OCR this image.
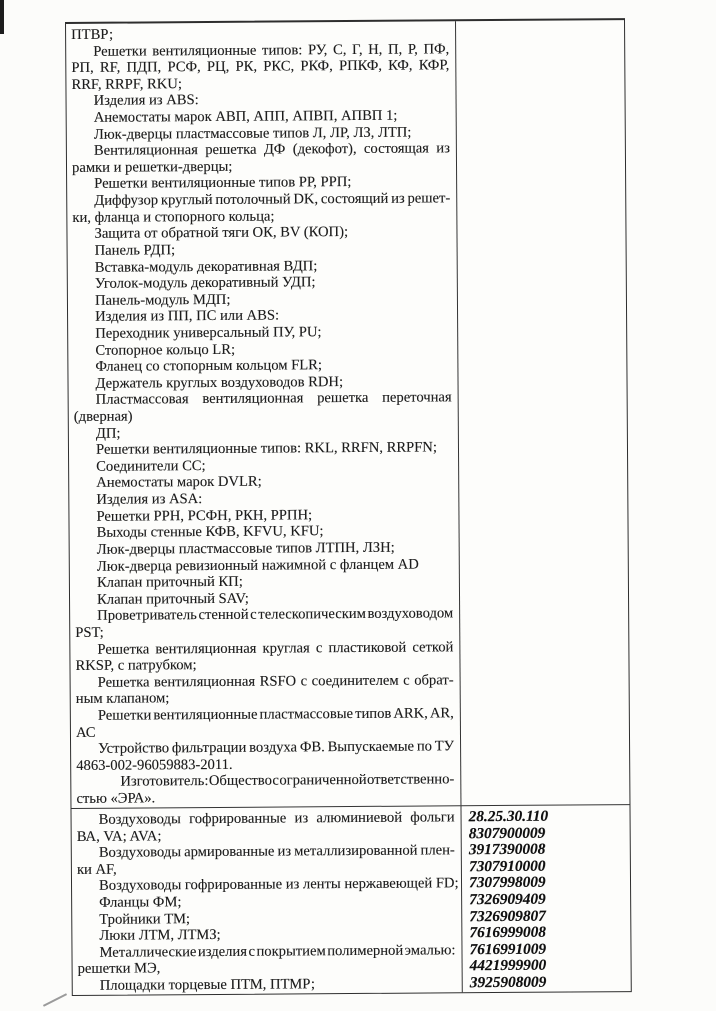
ПТВР;
Решетки вентиляционные типов: РУ, С, Г, Н, П, Р, ПФ,
РП, RF, ПДП, РСФ, РЦ, РК, РКС, РКФ, РПКФ, КФ, КФР,
RRF, RRPF, RKU;
Изделия из ABS:
Анемостаты марок АВП, АПП, АПВП, АПВП 1;
Люк-дверцы пластмассовые типов Л, ЛР, ЛЗ, ЛТП;
Вентиляционная решетка ДФ (декофот), состоящая из
рамки и решетки-дверцы;
Решетки вентиляционные типов РР, РРП;
Диффузор круглый потолочный DK, состоящий из решет-
ки, фланца и стопорного кольца;
Защита от обратной тяги ОК, BV (КОП);
Панель РДП;
Вставка-модуль декоративная ВДП;
Уголок-модуль декоративный УДП;
Панель-модуль МДП;
Изделия из ПП, ПС или ABS:
Переходник универсальный ПУ, PU;
Стопорное кольцо LR;
Фланец со стопорным кольцом FLR;
Держатель круглых воздуховодов RDH;
Пластмассовая вентиляционная решетка переточная
(дверная)
ДП;
Решетки вентиляционные типов: RKL, RRFN, RRPFN;
Соединители СС;
Анемостаты марок DVLR;
Изделия из ASA:
Решетки РРН, РСФН, РКН, РРПН;
Выходы стенные КФВ, KFVU, KFU;
Люк-дверцы пластмассовые типов ЛТПН, ЛЗН;
Люк-дверца ревизионный нажимной с фланцем AD
Клапан приточный КП;
Клапан приточный SAV;
Проветриватель стенной с телескопическим воздуховодом
PST;
Решетка вентиляционная круглая с пластиковой сеткой
RKSP, с патрубком;
Решетка вентиляционная RSFO с соединителем с обрат-
ным клапаном;
Решетки вентиляционные пластмассовые типов ARK, AR,
АС
Устройство фильтрации воздуха ФВ. Выпускаемые по ТУ
4863-002-96059883-2011.
Изготовитель: Общество с ограниченной ответственно-
стью «ЭРА».
Воздуховоды гофрированные из алюминиевой фольги
ВА, VA; AVA;
Воздуховоды армированные из металлизированной плен-
ки AF,
Воздуховоды гофрированные из ленты нержавеющей FD;
Фланцы ФМ;
Тройники ТМ;
Люки ЛТМ, ЛТМЗ;
Металлические изделия с покрытием полимерной эмалью:
решетки МЭ,
Площадки торцевые ПТМ, ПТМР;
28.25.30.110
8307900009
3917390008
7307910000
7307998009
7326909409
7326909807
7616999008
7616991009
4421999900
3925908009
